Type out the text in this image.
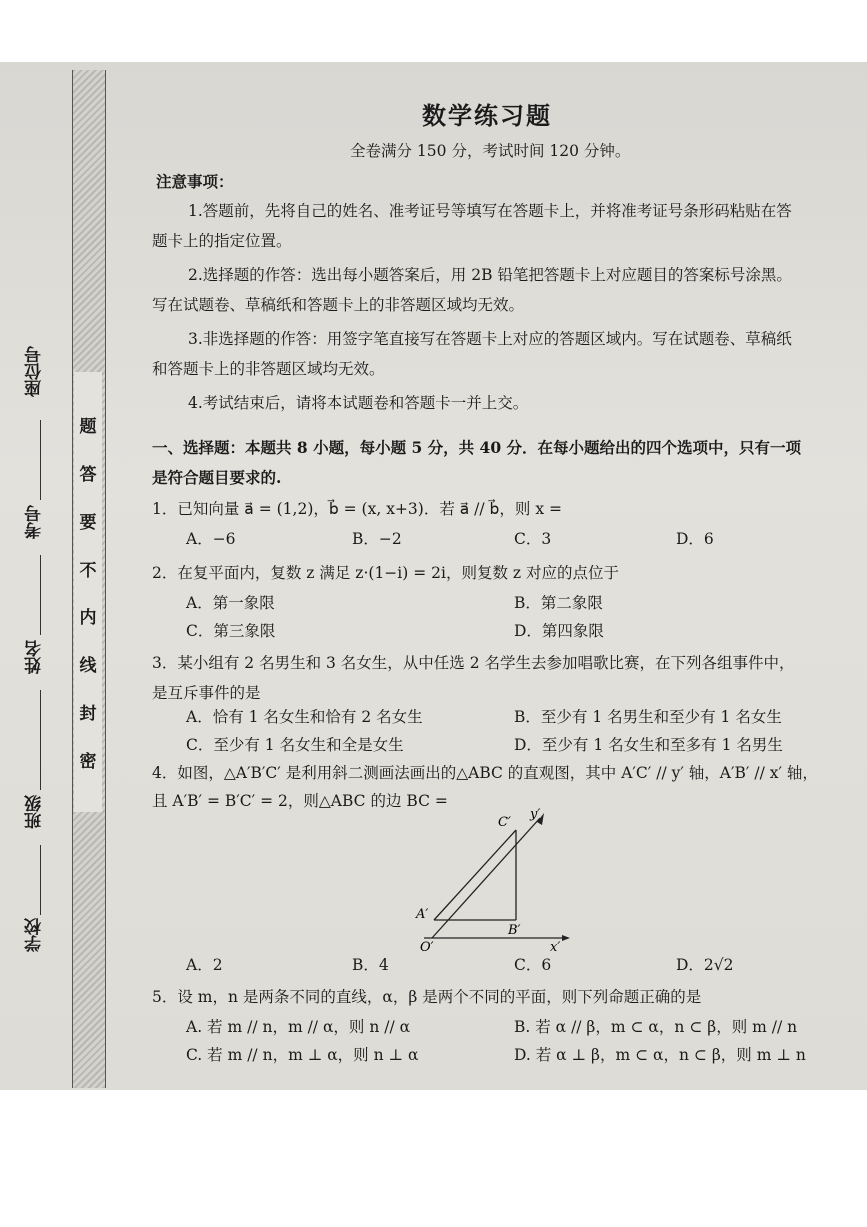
题
答
要
不
内
线
封
密
座位号
考号
姓名
班级
学校
数学练习题
全卷满分 150 分，考试时间 120 分钟。
注意事项：
1.答题前，先将自己的姓名、准考证号等填写在答题卡上，并将准考证号条形码粘贴在答
题卡上的指定位置。
2.选择题的作答：选出每小题答案后，用 2B 铅笔把答题卡上对应题目的答案标号涂黑。
写在试题卷、草稿纸和答题卡上的非答题区域均无效。
3.非选择题的作答：用签字笔直接写在答题卡上对应的答题区域内。写在试题卷、草稿纸
和答题卡上的非答题区域均无效。
4.考试结束后，请将本试题卷和答题卡一并上交。
一、选择题：本题共 8 小题，每小题 5 分，共 40 分．在每小题给出的四个选项中，只有一项
是符合题目要求的.
1．已知向量 a⃗ = (1,2)，b⃗ = (x, x+3)．若 a⃗ // b⃗，则 x =
A．−6	B．−2	C．3	D．6
2．在复平面内，复数 z 满足 z·(1−i) = 2i，则复数 z 对应的点位于
A．第一象限	B．第二象限
C．第三象限	D．第四象限
3．某小组有 2 名男生和 3 名女生，从中任选 2 名学生去参加唱歌比赛，在下列各组事件中，
是互斥事件的是
A．恰有 1 名女生和恰有 2 名女生	B．至少有 1 名男生和至少有 1 名女生
C．至少有 1 名女生和全是女生	D．至少有 1 名女生和至多有 1 名男生
4．如图，△A′B′C′ 是利用斜二测画法画出的△ABC 的直观图，其中 A′C′ // y′ 轴，A′B′ // x′ 轴，
且 A′B′ = B′C′ = 2，则△ABC 的边 BC =
C′
y′
A′
B′
O′	x′
A．2	B．4	C．6	D．2√2
5．设 m，n 是两条不同的直线，α，β 是两个不同的平面，则下列命题正确的是
A. 若 m // n，m // α，则 n // α	B. 若 α // β，m ⊂ α，n ⊂ β，则 m // n
C. 若 m // n，m ⊥ α，则 n ⊥ α	D. 若 α ⊥ β，m ⊂ α，n ⊂ β，则 m ⊥ n
